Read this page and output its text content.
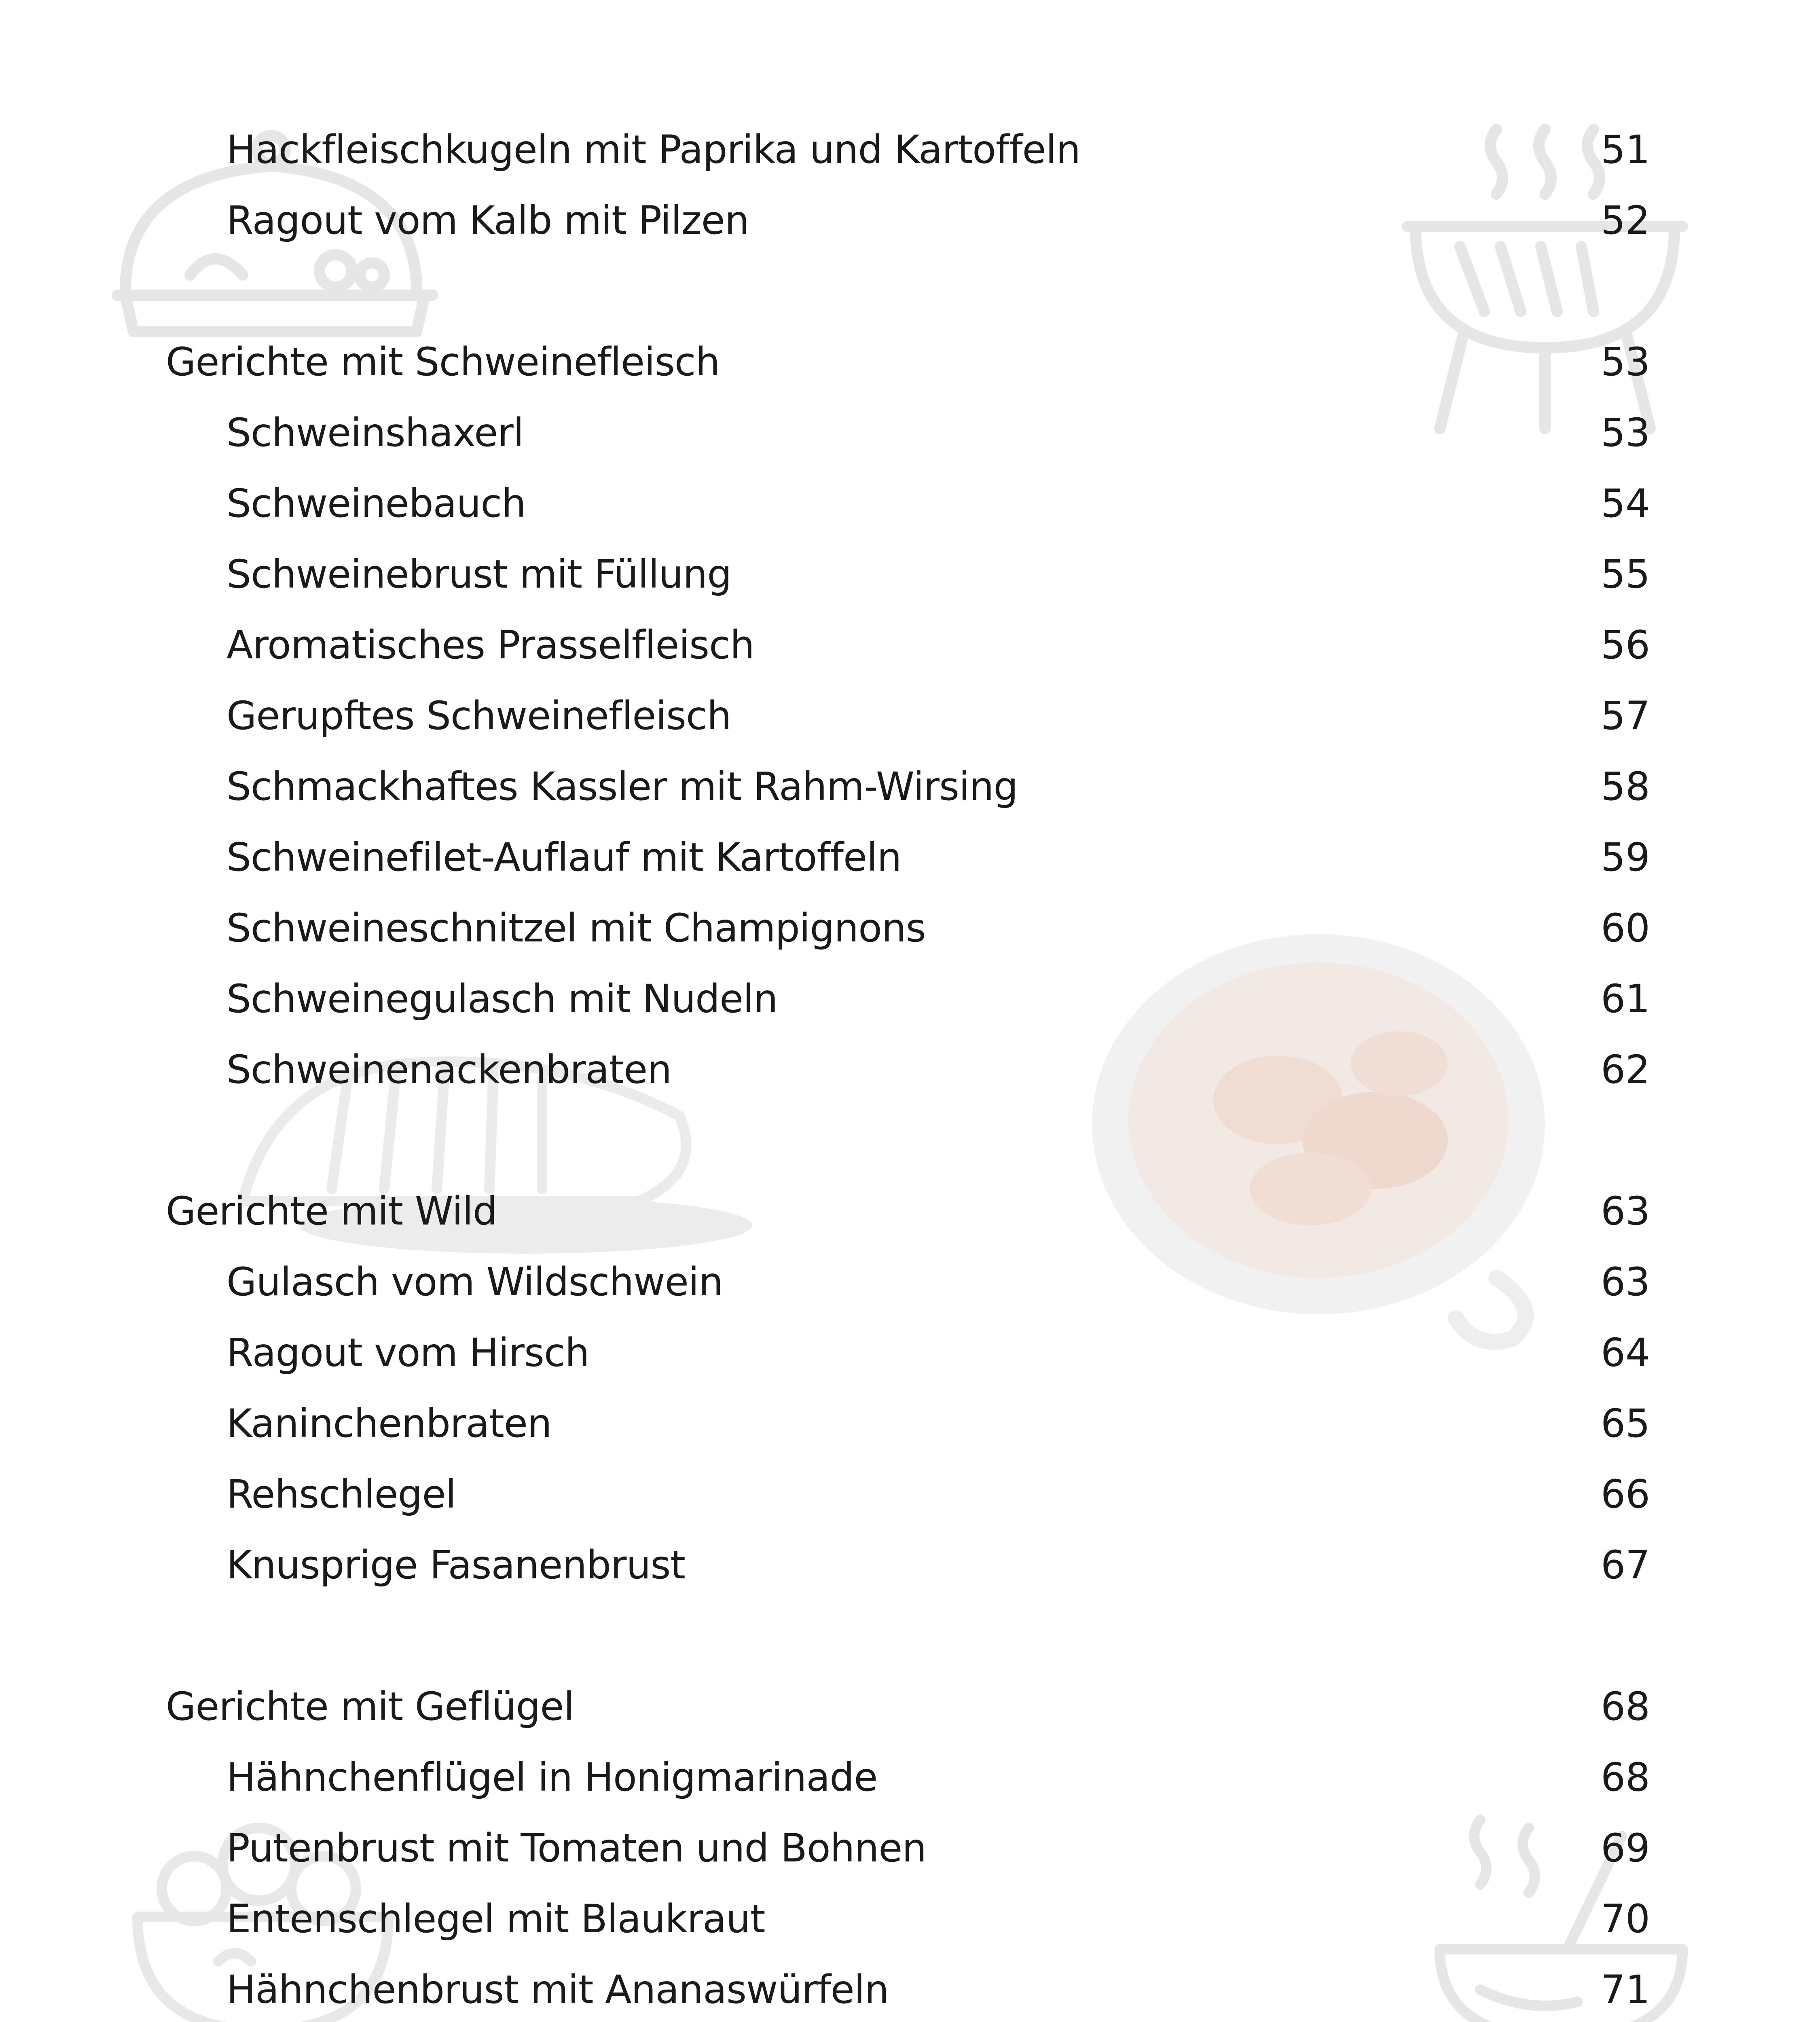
Hackfleischkugeln mit Paprika und Kartoffeln	51
Ragout vom Kalb mit Pilzen	52
Gerichte mit Schweinefleisch	53
Schweinshaxerl	53
Schweinebauch	54
Schweinebrust mit Füllung	55
Aromatisches Prasselfleisch	56
Gerupftes Schweinefleisch	57
Schmackhaftes Kassler mit Rahm-Wirsing	58
Schweinefilet-Auflauf mit Kartoffeln	59
Schweineschnitzel mit Champignons	60
Schweinegulasch mit Nudeln	61
Schweinenackenbraten	62
Gerichte mit Wild	63
Gulasch vom Wildschwein	63
Ragout vom Hirsch	64
Kaninchenbraten	65
Rehschlegel	66
Knusprige Fasanenbrust	67
Gerichte mit Geflügel	68
Hähnchenflügel in Honigmarinade	68
Putenbrust mit Tomaten und Bohnen	69
Entenschlegel mit Blaukraut	70
Hähnchenbrust mit Ananaswürfeln	71
